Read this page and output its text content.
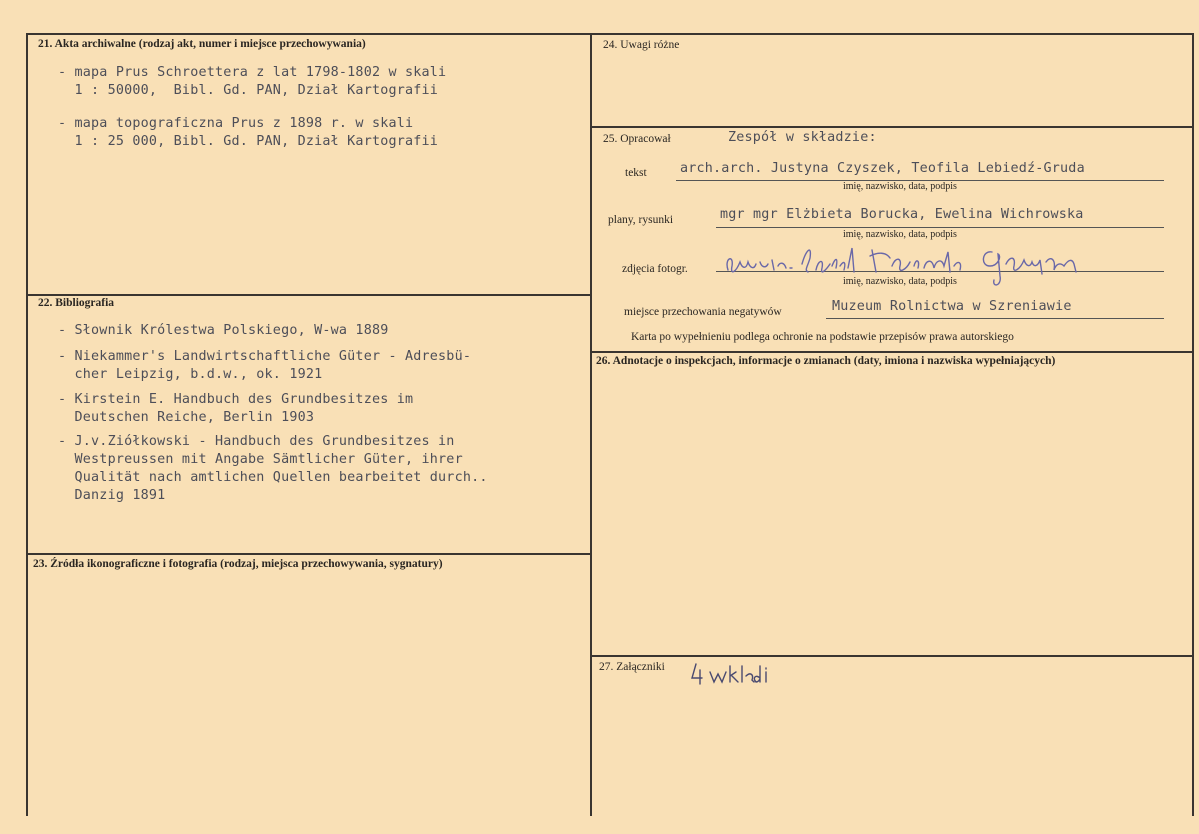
21. Akta archiwalne (rodzaj akt, numer i miejsce przechowywania)
- mapa Prus Schroettera z lat 1798-1802 w skali
1 : 50000,  Bibl. Gd. PAN, Dział Kartografii
- mapa topograficzna Prus z 1898 r. w skali
1 : 25 000, Bibl. Gd. PAN, Dział Kartografii
22. Bibliografia
- Słownik Królestwa Polskiego, W-wa 1889
- Niekammer's Landwirtschaftliche Güter - Adresbü-
cher Leipzig, b.d.w., ok. 1921
- Kirstein E. Handbuch des Grundbesitzes im
Deutschen Reiche, Berlin 1903
- J.v.Ziółkowski - Handbuch des Grundbesitzes in
Westpreussen mit Angabe Sämtlicher Güter, ihrer
Qualität nach amtlichen Quellen bearbeitet durch..
Danzig 1891
23. Źródła ikonograficzne i fotografia (rodzaj, miejsca przechowywania, sygnatury)
24. Uwagi różne
25. Opracował	Zespół w składzie:
tekst arch.arch. Justyna Czyszek, Teofila Lebiedź-Gruda
imię, nazwisko, data, podpis
plany, rysunki	mgr mgr Elżbieta Borucka, Ewelina Wichrowska
imię, nazwisko, data, podpis
zdjęcia fotogr.
imię, nazwisko, data, podpis
miejsce przechowania negatywów	Muzeum Rolnictwa w Szreniawie
Karta po wypełnieniu podlega ochronie na podstawie przepisów prawa autorskiego
26. Adnotacje o inspekcjach, informacje o zmianach (daty, imiona i nazwiska wypełniających)
27. Załączniki
